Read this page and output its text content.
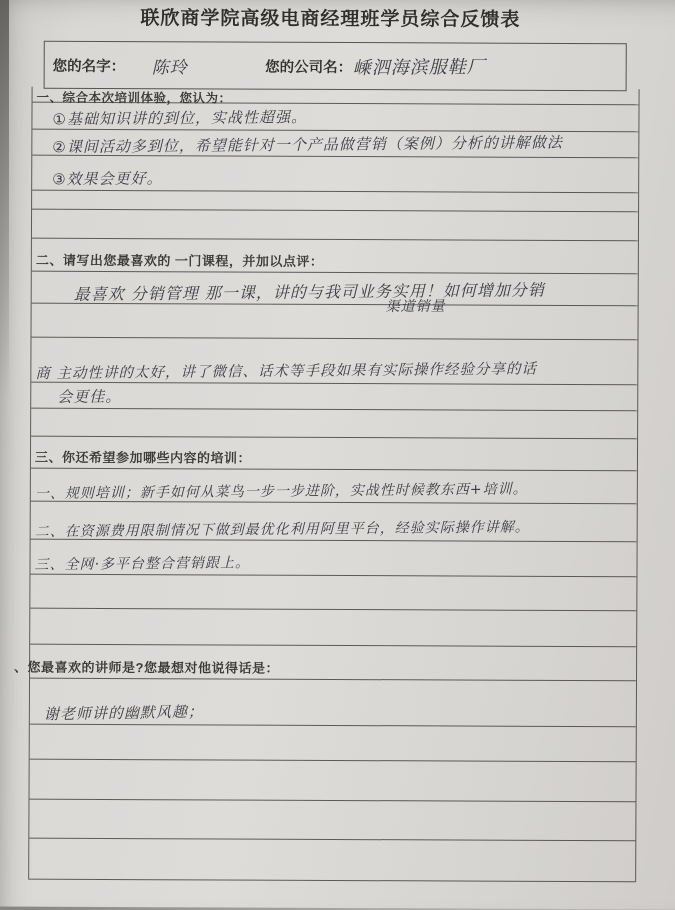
联欣商学院高级电商经理班学员综合反馈表
您的名字： 陈玲	您的公司名： 嵊泗海滨服鞋厂
一、综合本次培训体验，您认为：
①基础知识讲的到位，实战性超强。
②课间活动多到位，希望能针对一个产品做营销（案例）分析的讲解做法
③效果会更好。
二、请写出您最喜欢的 一门课程，并加以点评：
最喜欢 分销管理 那一课，讲的与我司业务实用！如何增加分销
渠道销量
商 主动性讲的太好，讲了微信、话术等手段如果有实际操作经验分享的话
会更佳。
三、你还希望参加哪些内容的培训：
一、规则培训；新手如何从菜鸟一步一步进阶，实战性时候教东西+培训。
二、在资源费用限制情况下做到最优化利用阿里平台，经验实际操作讲解。
三、全网·多平台整合营销跟上。
、您最喜欢的讲师是?您最想对他说得话是：
谢老师讲的幽默风趣；
